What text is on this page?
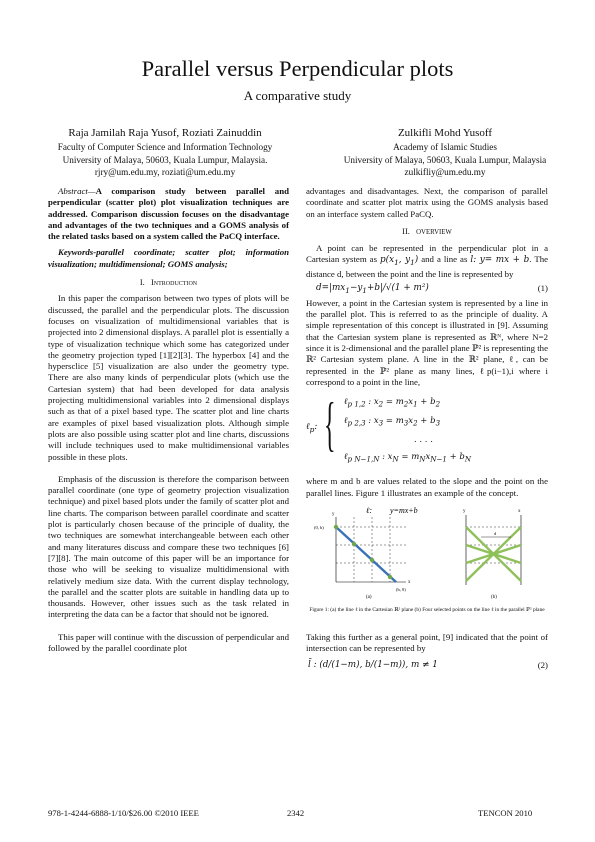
Parallel versus Perpendicular plots
A comparative study
Raja Jamilah Raja Yusof, Roziati Zainuddin
Faculty of Computer Science and Information Technology
University of Malaya, 50603, Kuala Lumpur, Malaysia.
rjry@um.edu.my, roziati@um.edu.my
Zulkifli Mohd Yusoff
Academy of Islamic Studies
University of Malaya, 50603, Kuala Lumpur, Malaysia
zulkifliy@um.edu.my

Abstract—A comparison study between parallel and perpendicular (scatter plot) plot visualization techniques are addressed. Comparison discussion focuses on the disadvantage and advantages of the two techniques and a GOMS analysis of the related tasks based on a system called the PaCQ interface.

Keywords-parallel coordinate; scatter plot; information visualization; multidimensional; GOMS analysis;

I. Introduction

In this paper the comparison between two types of plots will be discussed, the parallel and the perpendicular plots. The discussion focuses on visualization of multidimensional variables that is projected into 2 dimensional displays. A parallel plot is essentially a type of visualization technique which some has categorized under the geometry projection typed [1][2][3]. The hyperbox [4] and the hypersclice [5] visualization are also under the geometry type. There are also many kinds of perpendicular plots (which use the Cartesian system) that had been developed for data analysis projecting multidimensional variables into 2 dimensional displays such as that of a pixel based type. The scatter plot and line charts are examples of pixel based visualization plots. Although simple plots are also possible using scatter plot and line charts, discussions will include techniques used to make multidimensional variables possible in these plots.

Emphasis of the discussion is therefore the comparison between parallel coordinate (one type of geometry projection visualization technique) and pixel based plots under the family of scatter plot and line charts. The comparison between parallel coordinate and scatter plot is particularly chosen because of the principle of duality, the two techniques are somewhat interchangeable between each other and many literatures discuss and compare these two techniques [6][7][8]. The main outcome of this paper will be an importance for those who will be seeking to visualize multidimensional with relatively medium size data. With the current display technology, the parallel and the scatter plots are suitable in handling data up to thousands. However, other issues such as the task related in interpreting the data can be a factor that should not be ignored.

This paper will continue with the discussion of perpendicular and followed by the parallel coordinate plot

advantages and disadvantages. Next, the comparison of parallel coordinate and scatter plot matrix using the GOMS analysis based on an interface system called PaCQ.

II. OVERVIEW

A point can be represented in the perpendicular plot in a Cartesian system as $p(x_1$, $y_1$) and a line as l: y= mx + b. The distance d, between the point and the line is represented by

$d=|mx_1-y_1+b|/√(1 + m^2)$	(1)

However, a point in the Cartesian system is represented by a line in the parallel plot. This is referred to as the principle of duality. A simple representation of this concept is illustrated in [9]. Assuming that the Cartesian system plane is represented as ℝᴺ, where N=2 since it is 2-dimensional and the parallel plane ℙ² is representing the ℝ² Cartesian system plane. A line in the ℝ² plane, ℓ, can be represented in the ℙ² plane as many lines, ℓp(i−1),i where i correspond to a point in the line,

ℓ$_p$: { ℓ$_{p 1,2}$ : $x_2 = m_2x_1 + b_2$
ℓ$_{p 2,3}$ : $x_3 = m_3x_2 + b_3$
. . . .
ℓ$_{p N-1,N}$ : $x_N = m_Nx_{N-1} + b_N$

where m and b are values related to the slope and the point on the parallel lines. Figure 1 illustrates an example of the concept.

y
(0, b)
(b, 0)
x
ℓ: y=mx+b
(a)
d
y	x
(b)
Figure 1: (a) the line ℓ in the Cartesian ℝ² plane (b) Four selected points on the line ℓ in the parallel ℙ² plane

Taking this further as a general point, [9] indicated that the point of intersection can be represented by

l̄ : (d/(1−m), b/(1−m)), m ≠ 1	(2)
978-1-4244-6888-1/10/$26.00 ©2010 IEEE	2342	TENCON 2010
